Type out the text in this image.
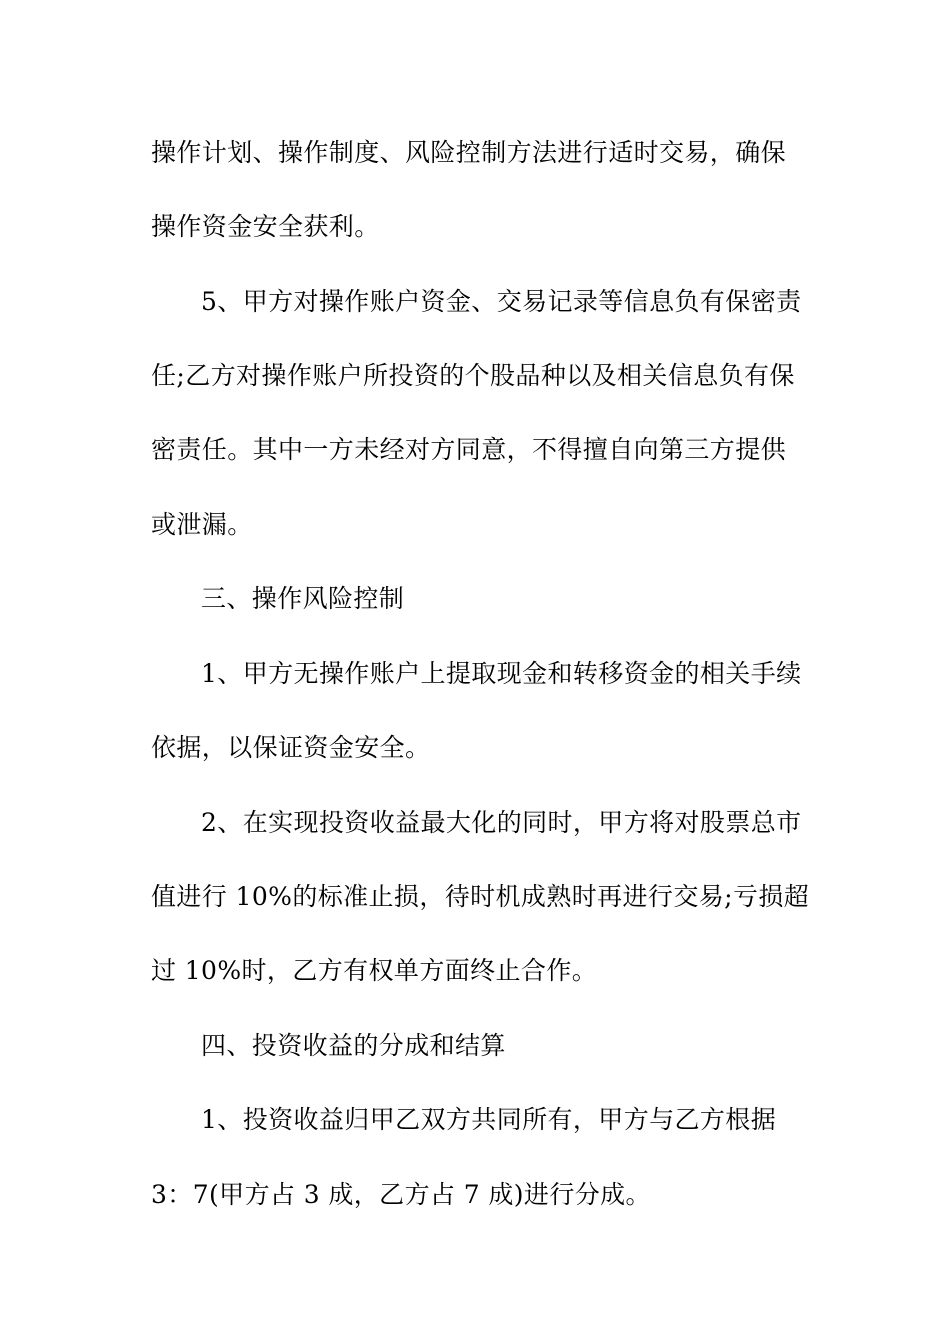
操作计划、操作制度、风险控制方法进行适时交易，确保
操作资金安全获利。
5、甲方对操作账户资金、交易记录等信息负有保密责
任;乙方对操作账户所投资的个股品种以及相关信息负有保
密责任。其中一方未经对方同意，不得擅自向第三方提供
或泄漏。
三、操作风险控制
1、甲方无操作账户上提取现金和转移资金的相关手续
依据，以保证资金安全。
2、在实现投资收益最大化的同时，甲方将对股票总市
值进行 10%的标准止损，待时机成熟时再进行交易;亏损超
过 10%时，乙方有权单方面终止合作。
四、投资收益的分成和结算
1、投资收益归甲乙双方共同所有，甲方与乙方根据
3：7(甲方占 3 成，乙方占 7 成)进行分成。
